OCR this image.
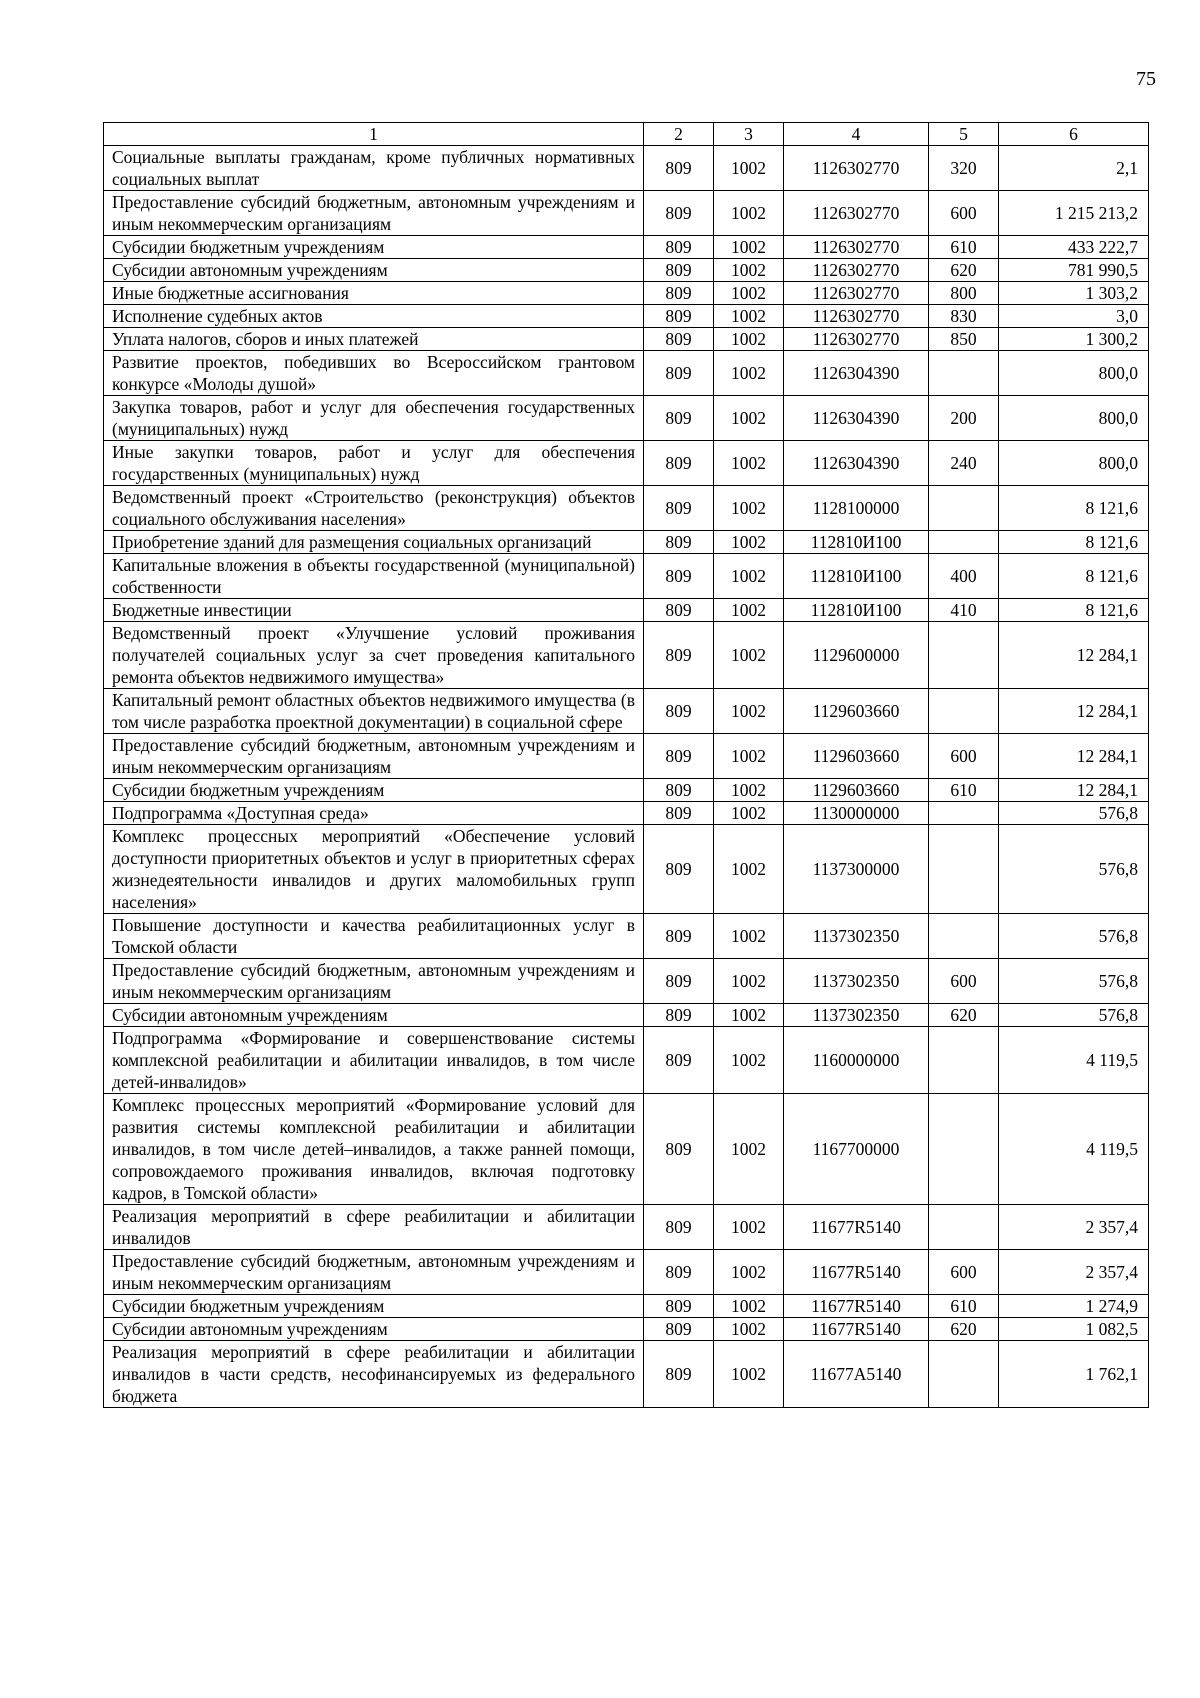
75
1	2	3	4	5	6
Социальные выплаты гражданам, кроме публичных нормативных социальных выплат	809	1002	1126302770	320	2,1
Предоставление субсидий бюджетным, автономным учреждениям и иным некоммерческим организациям	809	1002	1126302770	600	1 215 213,2
Субсидии бюджетным учреждениям	809	1002	1126302770	610	433 222,7
Субсидии автономным учреждениям	809	1002	1126302770	620	781 990,5
Иные бюджетные ассигнования	809	1002	1126302770	800	1 303,2
Исполнение судебных актов	809	1002	1126302770	830	3,0
Уплата налогов, сборов и иных платежей	809	1002	1126302770	850	1 300,2
Развитие проектов, победивших во Всероссийском грантовом конкурсе «Молоды душой»	809	1002	1126304390		800,0
Закупка товаров, работ и услуг для обеспечения государственных (муниципальных) нужд	809	1002	1126304390	200	800,0
Иные закупки товаров, работ и услуг для обеспечения государственных (муниципальных) нужд	809	1002	1126304390	240	800,0
Ведомственный проект «Строительство (реконструкция) объектов социального обслуживания населения»	809	1002	1128100000		8 121,6
Приобретение зданий для размещения социальных организаций	809	1002	112810И100		8 121,6
Капитальные вложения в объекты государственной (муниципальной) собственности	809	1002	112810И100	400	8 121,6
Бюджетные инвестиции	809	1002	112810И100	410	8 121,6
Ведомственный проект «Улучшение условий проживания получателей социальных услуг за счет проведения капитального ремонта объектов недвижимого имущества»	809	1002	1129600000		12 284,1
Капитальный ремонт областных объектов недвижимого имущества (в том числе разработка проектной документации) в социальной сфере	809	1002	1129603660		12 284,1
Предоставление субсидий бюджетным, автономным учреждениям и иным некоммерческим организациям	809	1002	1129603660	600	12 284,1
Субсидии бюджетным учреждениям	809	1002	1129603660	610	12 284,1
Подпрограмма «Доступная среда»	809	1002	1130000000		576,8
Комплекс процессных мероприятий «Обеспечение условий доступности приоритетных объектов и услуг в приоритетных сферах жизнедеятельности инвалидов и других маломобильных групп населения»	809	1002	1137300000		576,8
Повышение доступности и качества реабилитационных услуг в Томской области	809	1002	1137302350		576,8
Предоставление субсидий бюджетным, автономным учреждениям и иным некоммерческим организациям	809	1002	1137302350	600	576,8
Субсидии автономным учреждениям	809	1002	1137302350	620	576,8
Подпрограмма «Формирование и совершенствование системы комплексной реабилитации и абилитации инвалидов, в том числе детей-инвалидов»	809	1002	1160000000		4 119,5
Комплекс процессных мероприятий «Формирование условий для развития системы комплексной реабилитации и абилитации инвалидов, в том числе детей–инвалидов, а также ранней помощи, сопровождаемого проживания инвалидов, включая подготовку кадров, в Томской области»	809	1002	1167700000		4 119,5
Реализация мероприятий в сфере реабилитации и абилитации инвалидов	809	1002	11677R5140		2 357,4
Предоставление субсидий бюджетным, автономным учреждениям и иным некоммерческим организациям	809	1002	11677R5140	600	2 357,4
Субсидии бюджетным учреждениям	809	1002	11677R5140	610	1 274,9
Субсидии автономным учреждениям	809	1002	11677R5140	620	1 082,5
Реализация мероприятий в сфере реабилитации и абилитации инвалидов в части средств, несофинансируемых из федерального бюджета	809	1002	11677A5140		1 762,1
